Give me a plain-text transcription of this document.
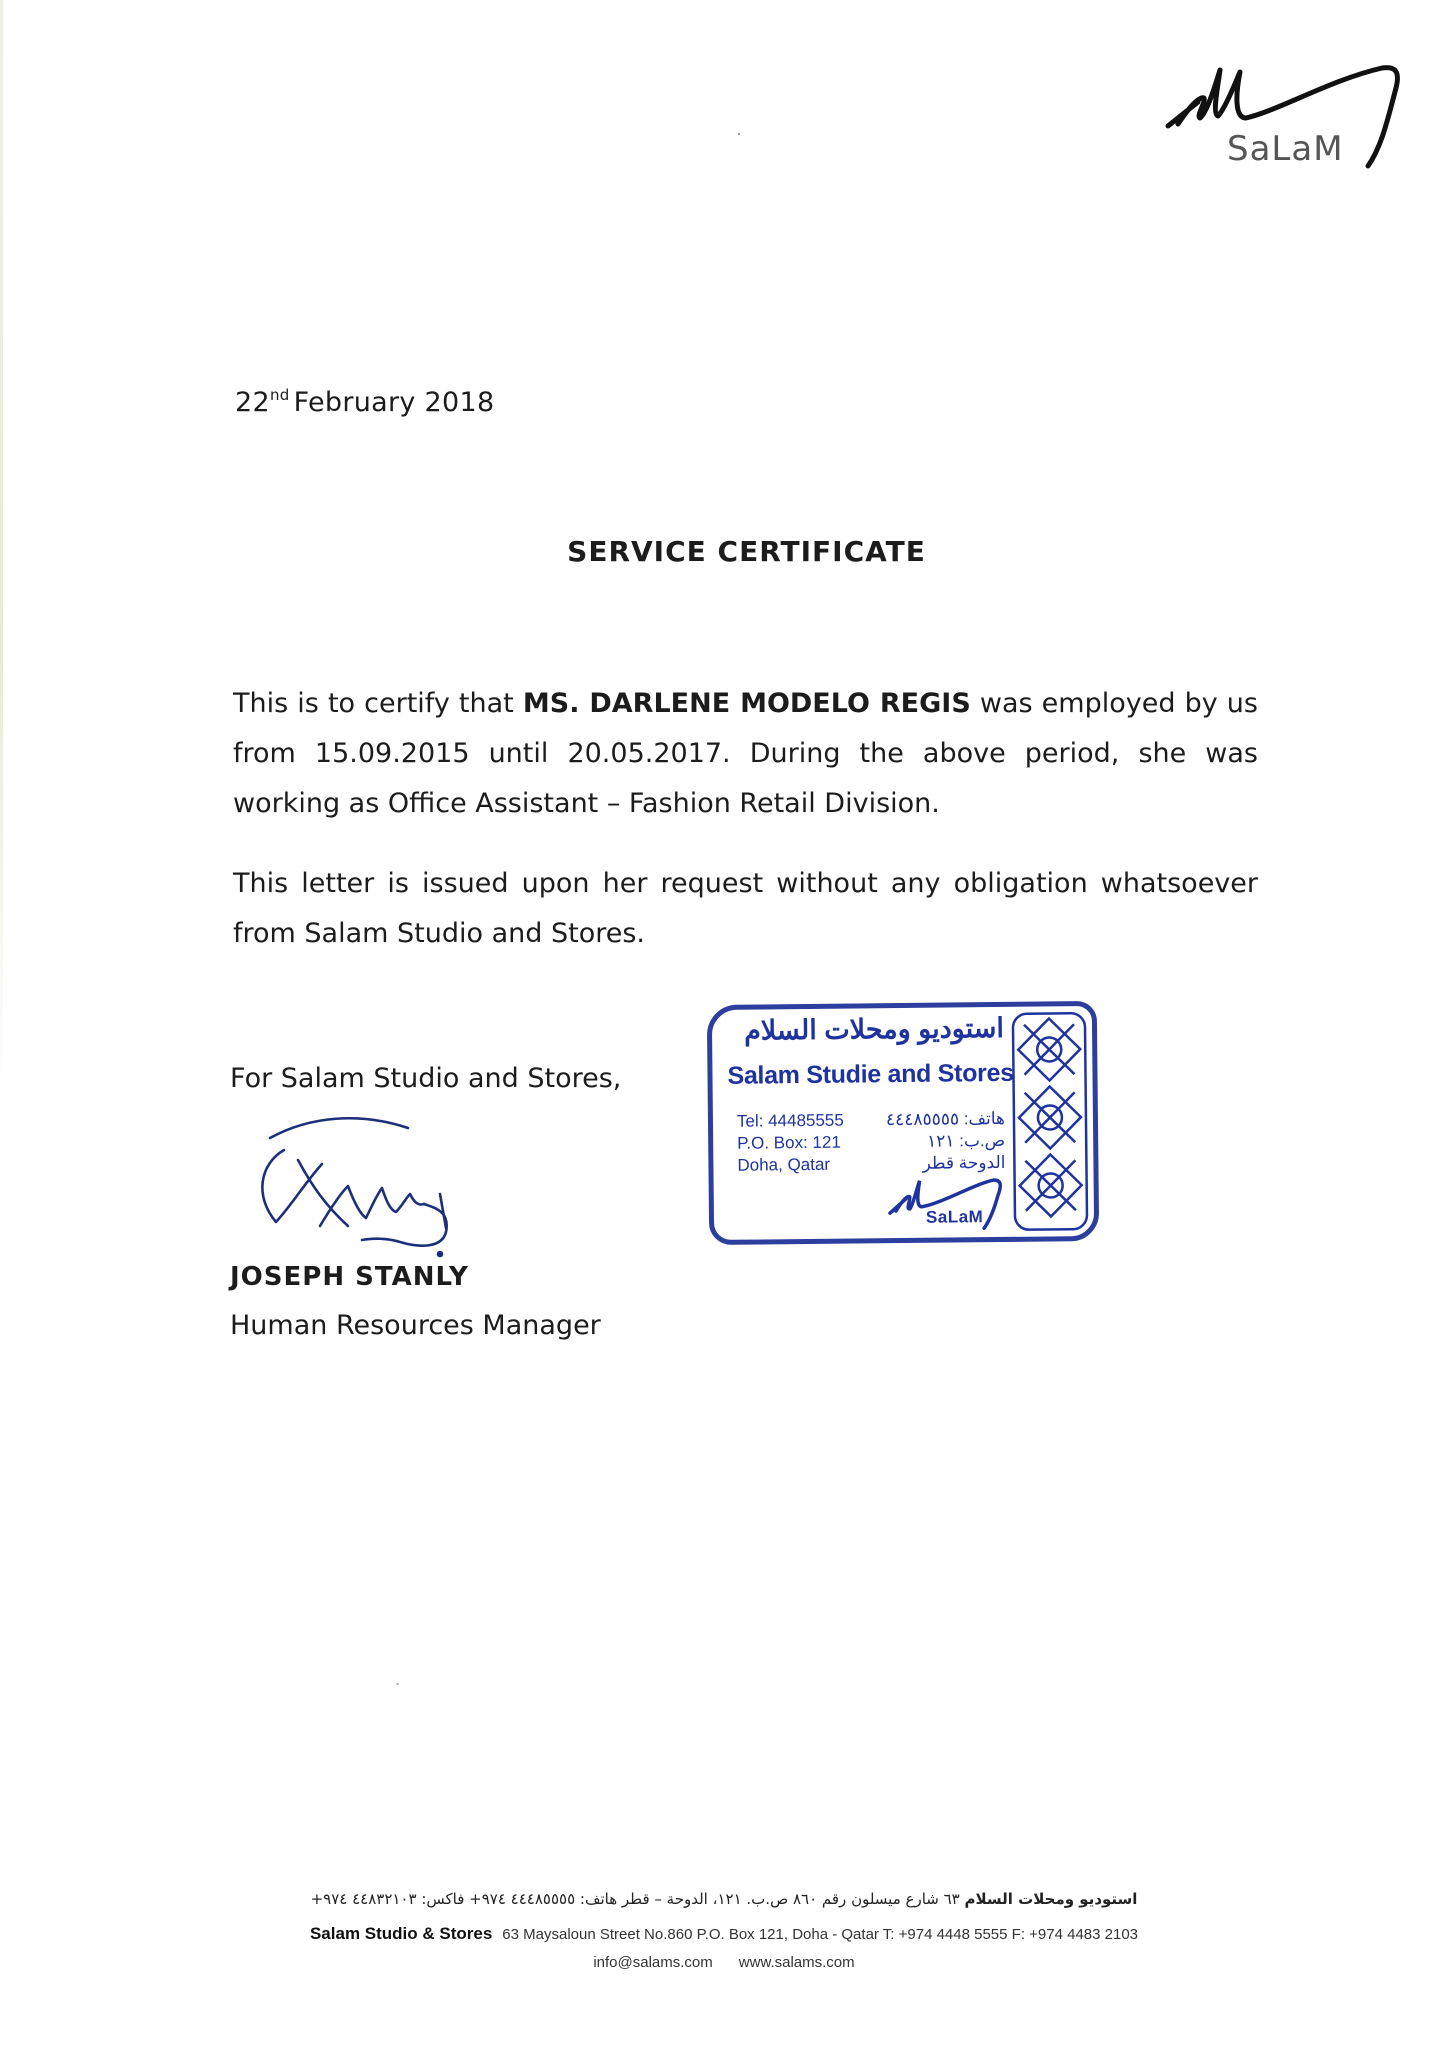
SaLaM
22nd February 2018
SERVICE CERTIFICATE
This is to certify that MS. DARLENE MODELO REGIS was employed by us from 15.09.2015 until 20.05.2017. During the above period, she was working as Office Assistant – Fashion Retail Division.
This letter is issued upon her request without any obligation whatsoever from Salam Studio and Stores.
For Salam Studio and Stores,
JOSEPH STANLY
Human Resources Manager
استوديو ومحلات السلام
Salam Studie and Stores
Tel: 44485555
P.O. Box: 121
Doha, Qatar
هاتف: ٤٤٤٨٥٥٥٥
ص.ب: ١٢١
الدوحة قطر
SaLaM
استوديو ومحلات السلام ٦٣ شارع ميسلون رقم ٨٦٠ ص.ب. ١٢١، الدوحة – قطر هاتف: ٤٤٤٨٥٥٥٥ ٩٧٤+ فاكس: ٤٤٨٣٢١٠٣ ٩٧٤+
Salam Studio & Stores 63 Maysaloun Street No.860 P.O. Box 121, Doha - Qatar T: +974 4448 5555 F: +974 4483 2103
info@salams.com www.salams.com
